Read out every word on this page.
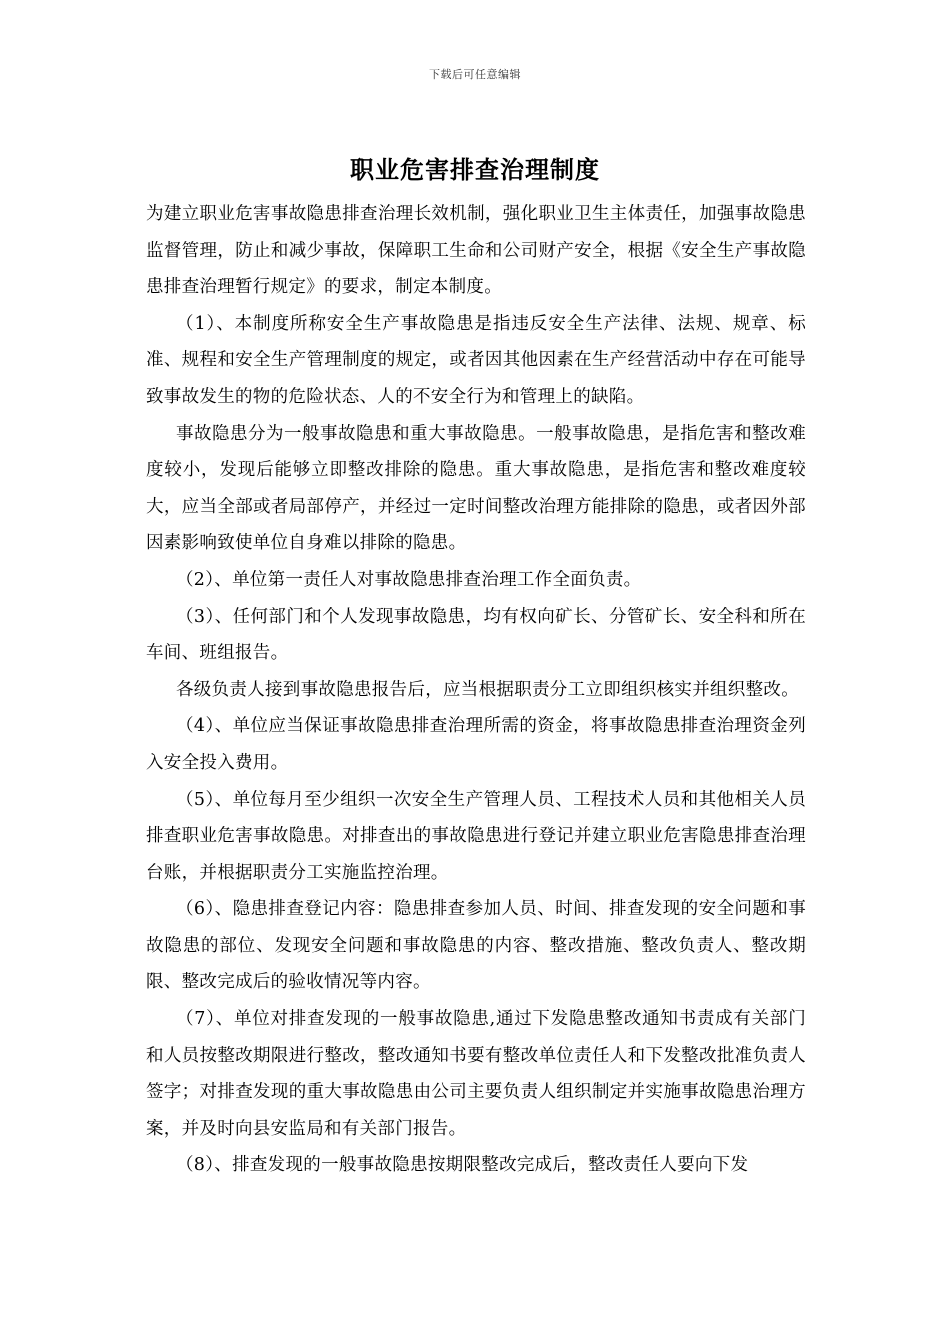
下载后可任意编辑
职业危害排查治理制度

为建立职业危害事故隐患排查治理长效机制，强化职业卫生主体责任，加强事故隐患监督管理，防止和减少事故，保障职工生命和公司财产安全，根据《安全生产事故隐患排查治理暂行规定》的要求，制定本制度。

（1）、本制度所称安全生产事故隐患是指违反安全生产法律、法规、规章、标准、规程和安全生产管理制度的规定，或者因其他因素在生产经营活动中存在可能导致事故发生的物的危险状态、人的不安全行为和管理上的缺陷。

事故隐患分为一般事故隐患和重大事故隐患。一般事故隐患，是指危害和整改难度较小，发现后能够立即整改排除的隐患。重大事故隐患，是指危害和整改难度较大，应当全部或者局部停产，并经过一定时间整改治理方能排除的隐患，或者因外部因素影响致使单位自身难以排除的隐患。

（2）、单位第一责任人对事故隐患排查治理工作全面负责。

（3）、任何部门和个人发现事故隐患，均有权向矿长、分管矿长、安全科和所在车间、班组报告。

各级负责人接到事故隐患报告后，应当根据职责分工立即组织核实并组织整改。

（4）、单位应当保证事故隐患排查治理所需的资金，将事故隐患排查治理资金列入安全投入费用。

（5）、单位每月至少组织一次安全生产管理人员、工程技术人员和其他相关人员排查职业危害事故隐患。对排查出的事故隐患进行登记并建立职业危害隐患排查治理台账，并根据职责分工实施监控治理。

（6）、隐患排查登记内容：隐患排查参加人员、时间、排查发现的安全问题和事故隐患的部位、发现安全问题和事故隐患的内容、整改措施、整改负责人、整改期限、整改完成后的验收情况等内容。

（7）、单位对排查发现的一般事故隐患,通过下发隐患整改通知书责成有关部门和人员按整改期限进行整改，整改通知书要有整改单位责任人和下发整改批准负责人签字；对排查发现的重大事故隐患由公司主要负责人组织制定并实施事故隐患治理方案，并及时向县安监局和有关部门报告。

（8）、排查发现的一般事故隐患按期限整改完成后，整改责任人要向下发
